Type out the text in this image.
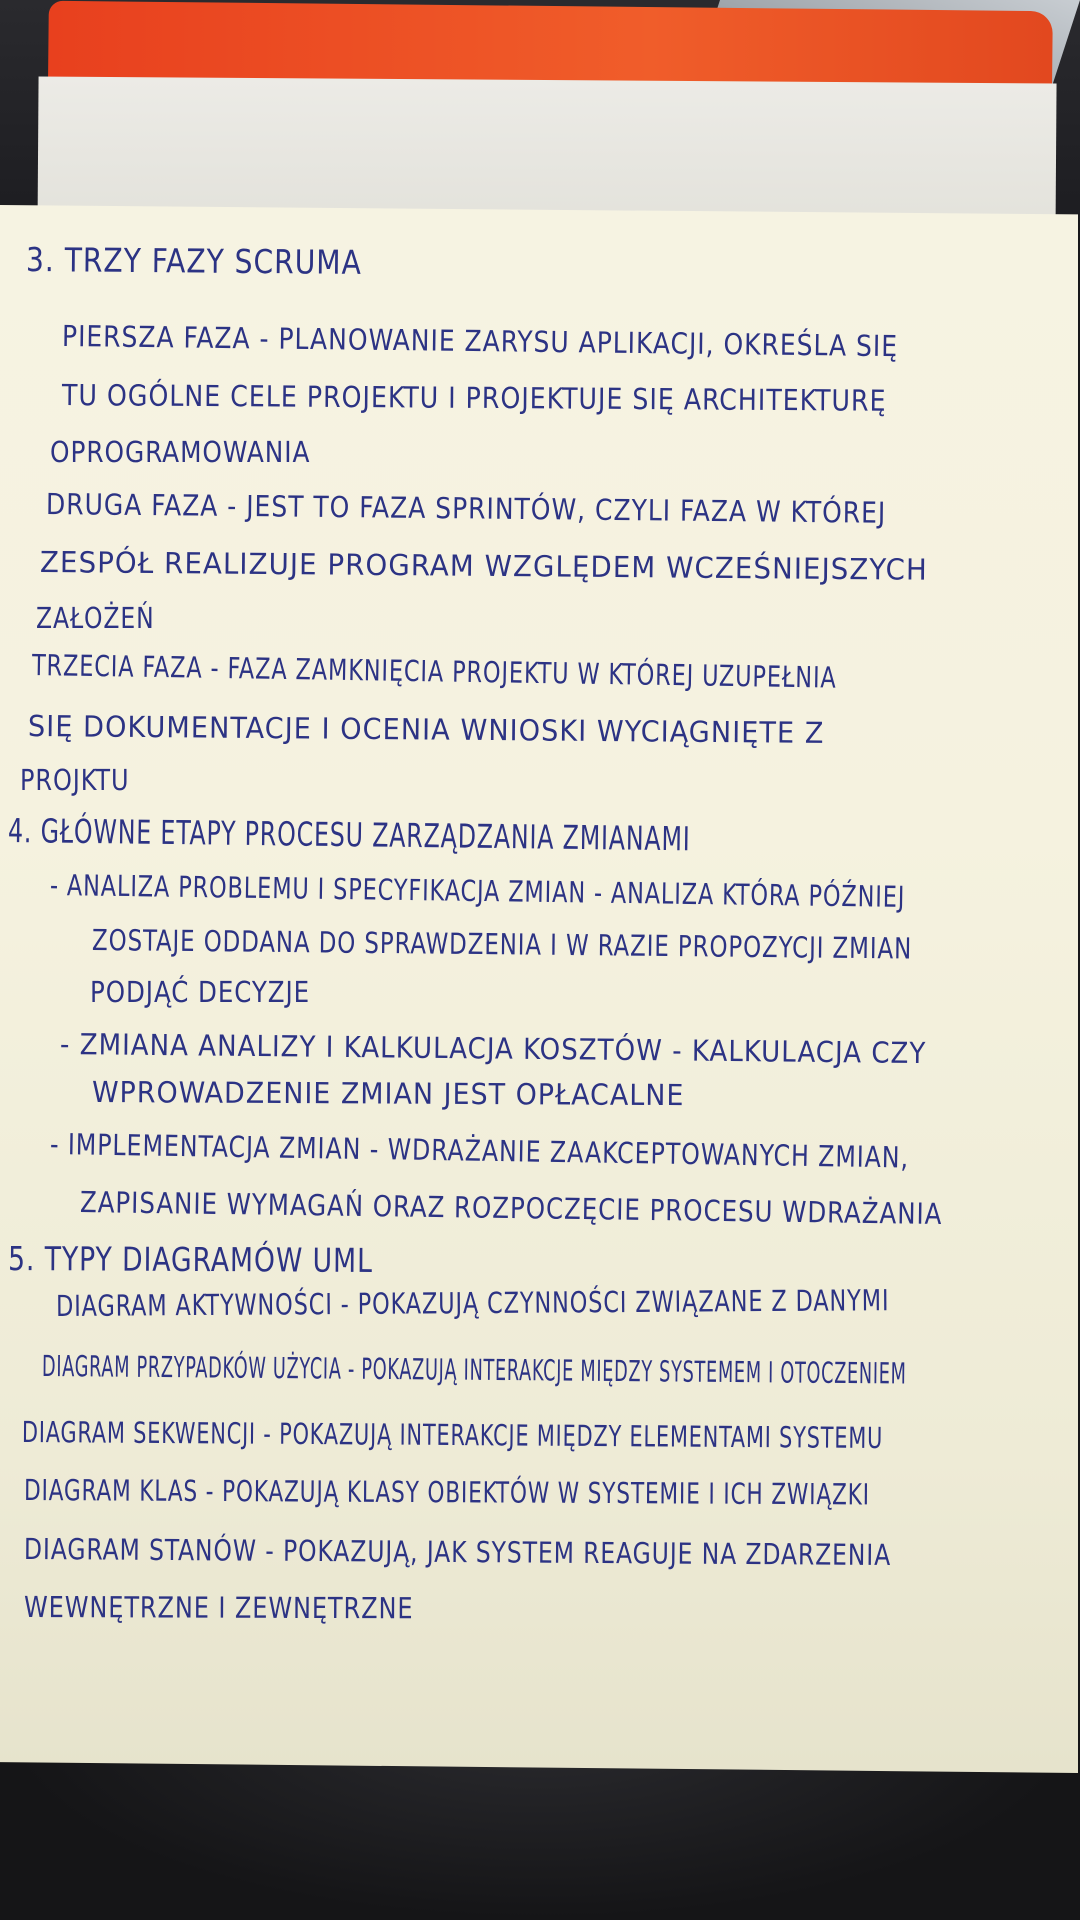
3. TRZY FAZY SCRUMA
PIERSZA FAZA - PLANOWANIE ZARYSU APLIKACJI, OKREŚLA SIĘ
TU OGÓLNE CELE PROJEKTU I PROJEKTUJE SIĘ ARCHITEKTURĘ
OPROGRAMOWANIA
DRUGA FAZA - JEST TO FAZA SPRINTÓW, CZYLI FAZA W KTÓREJ
ZESPÓŁ REALIZUJE PROGRAM WZGLĘDEM WCZEŚNIEJSZYCH
ZAŁOŻEŃ
TRZECIA FAZA - FAZA ZAMKNIĘCIA PROJEKTU W KTÓREJ UZUPEŁNIA
SIĘ DOKUMENTACJE I OCENIA WNIOSKI WYCIĄGNIĘTE Z
PROJKTU
4. GŁÓWNE ETAPY PROCESU ZARZĄDZANIA ZMIANAMI
- ANALIZA PROBLEMU I SPECYFIKACJA ZMIAN - ANALIZA KTÓRA PÓŹNIEJ
ZOSTAJE ODDANA DO SPRAWDZENIA I W RAZIE PROPOZYCJI ZMIAN
PODJĄĆ DECYZJE
- ZMIANA ANALIZY I KALKULACJA KOSZTÓW - KALKULACJA CZY
WPROWADZENIE ZMIAN JEST OPŁACALNE
- IMPLEMENTACJA ZMIAN - WDRAŻANIE ZAAKCEPTOWANYCH ZMIAN,
ZAPISANIE WYMAGAŃ ORAZ ROZPOCZĘCIE PROCESU WDRAŻANIA
5. TYPY DIAGRAMÓW UML
DIAGRAM AKTYWNOŚCI - POKAZUJĄ CZYNNOŚCI ZWIĄZANE Z DANYMI
DIAGRAM PRZYPADKÓW UŻYCIA - POKAZUJĄ INTERAKCJE MIĘDZY SYSTEMEM I OTOCZENIEM
DIAGRAM SEKWENCJI - POKAZUJĄ INTERAKCJE MIĘDZY ELEMENTAMI SYSTEMU
DIAGRAM KLAS - POKAZUJĄ KLASY OBIEKTÓW W SYSTEMIE I ICH ZWIĄZKI
DIAGRAM STANÓW - POKAZUJĄ, JAK SYSTEM REAGUJE NA ZDARZENIA
WEWNĘTRZNE I ZEWNĘTRZNE
